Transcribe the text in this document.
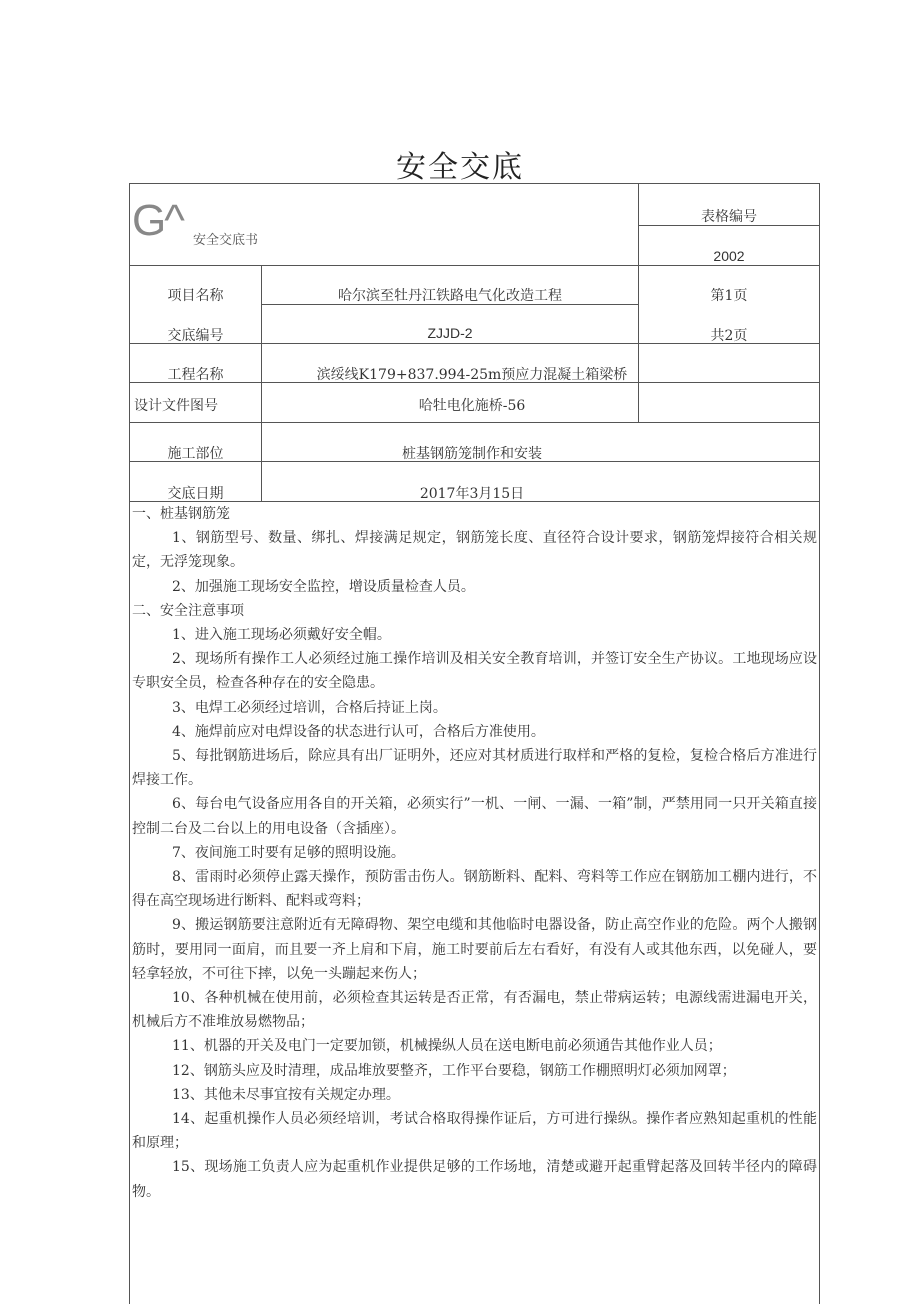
安全交底
G^ 安全交底书
表格编号
2002
项目名称	哈尔滨至牡丹江铁路电气化改造工程	第1页
交底编号	ZJJD-2	共2页
工程名称	滨绥线K179+837.994-25m预应力混凝土箱梁桥
设计文件图号	哈牡电化施桥-56
施工部位	桩基钢筋笼制作和安装
交底日期	2017年3月15日

一、桩基钢筋笼

1、钢筋型号、数量、绑扎、焊接满足规定，钢筋笼长度、直径符合设计要求，钢筋笼焊接符合相关规定，无浮笼现象。

2、加强施工现场安全监控，增设质量检查人员。

二、安全注意事项

1、进入施工现场必须戴好安全帽。

2、现场所有操作工人必须经过施工操作培训及相关安全教育培训，并签订安全生产协议。工地现场应设专职安全员，检查各种存在的安全隐患。

3、电焊工必须经过培训，合格后持证上岗。

4、施焊前应对电焊设备的状态进行认可，合格后方准使用。

5、每批钢筋进场后，除应具有出厂证明外，还应对其材质进行取样和严格的复检，复检合格后方准进行焊接工作。

6、每台电气设备应用各自的开关箱，必须实行”一机、一闸、一漏、一箱”制，严禁用同一只开关箱直接控制二台及二台以上的用电设备（含插座）。

7、夜间施工时要有足够的照明设施。

8、雷雨时必须停止露天操作，预防雷击伤人。钢筋断料、配料、弯料等工作应在钢筋加工棚内进行，不得在高空现场进行断料、配料或弯料；

9、搬运钢筋要注意附近有无障碍物、架空电缆和其他临时电器设备，防止高空作业的危险。两个人搬钢筋时，要用同一面肩，而且要一齐上肩和下肩，施工时要前后左右看好，有没有人或其他东西，以免碰人，要轻拿轻放，不可往下摔，以免一头蹦起来伤人；

10、各种机械在使用前，必须检查其运转是否正常，有否漏电，禁止带病运转；电源线需进漏电开关，机械后方不准堆放易燃物品；

11、机器的开关及电门一定要加锁，机械操纵人员在送电断电前必须通告其他作业人员；

12、钢筋头应及时清理，成品堆放要整齐，工作平台要稳，钢筋工作棚照明灯必须加网罩；

13、其他未尽事宜按有关规定办理。

14、起重机操作人员必须经培训，考试合格取得操作证后，方可进行操纵。操作者应熟知起重机的性能和原理；

15、现场施工负责人应为起重机作业提供足够的工作场地，清楚或避开起重臂起落及回转半径内的障碍物。
